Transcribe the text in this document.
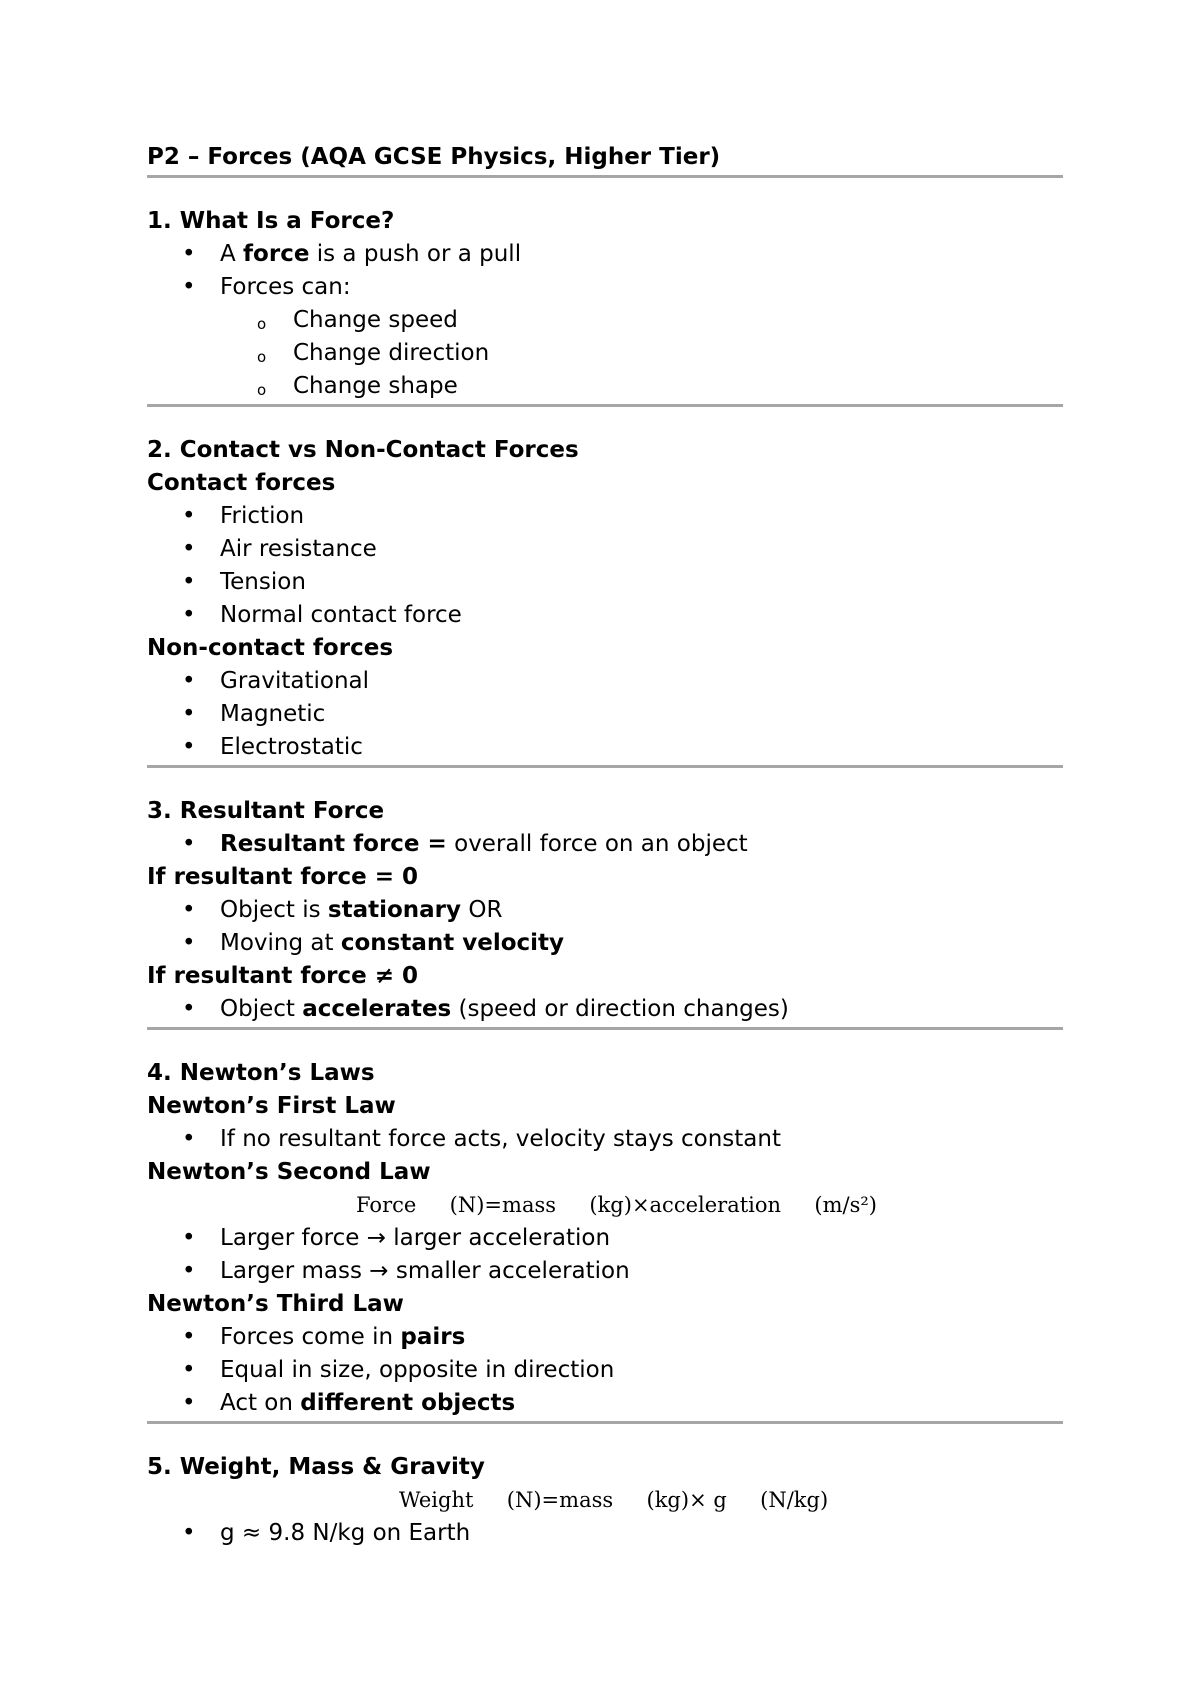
P2 – Forces (AQA GCSE Physics, Higher Tier)
1. What Is a Force?
• A force is a push or a pull
• Forces can:
o Change speed
o Change direction
o Change shape
2. Contact vs Non-Contact Forces
Contact forces
• Friction
• Air resistance
• Tension
• Normal contact force
Non-contact forces
• Gravitational
• Magnetic
• Electrostatic
3. Resultant Force
• Resultant force = overall force on an object
If resultant force = 0
• Object is stationary OR
• Moving at constant velocity
If resultant force ≠ 0
• Object accelerates (speed or direction changes)
4. Newton’s Laws
Newton’s First Law
• If no resultant force acts, velocity stays constant
Newton’s Second Law
Force     (N)=mass     (kg)×acceleration     (m/s²)
• Larger force → larger acceleration
• Larger mass → smaller acceleration
Newton’s Third Law
• Forces come in pairs
• Equal in size, opposite in direction
• Act on different objects
5. Weight, Mass & Gravity
Weight     (N)=mass     (kg)× g     (N/kg)
• g ≈ 9.8 N/kg on Earth
